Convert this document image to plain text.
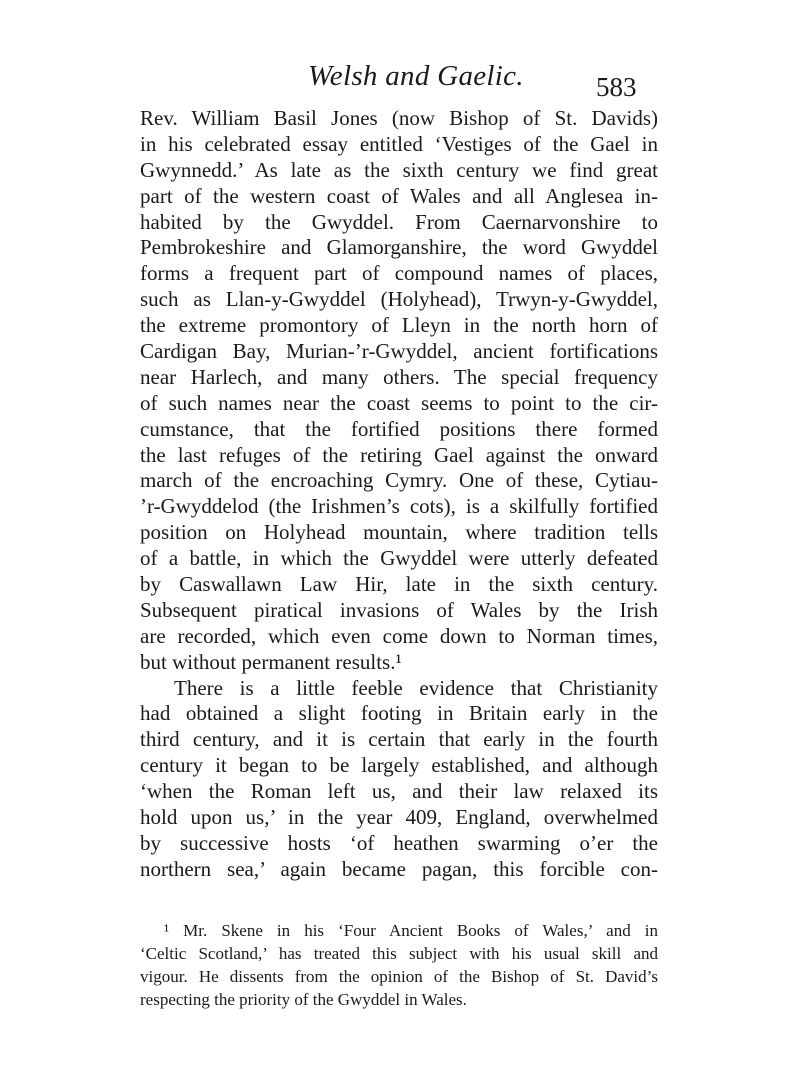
Welsh and Gaelic.	583
Rev. William Basil Jones (now Bishop of St. Davids)
in his celebrated essay entitled ‘Vestiges of the Gael in
Gwynnedd.’ As late as the sixth century we find great
part of the western coast of Wales and all Anglesea in-
habited by the Gwyddel. From Caernarvonshire to
Pembrokeshire and Glamorganshire, the word Gwyddel
forms a frequent part of compound names of places,
such as Llan-y-Gwyddel (Holyhead), Trwyn-y-Gwyddel,
the extreme promontory of Lleyn in the north horn of
Cardigan Bay, Murian-’r-Gwyddel, ancient fortifications
near Harlech, and many others. The special frequency
of such names near the coast seems to point to the cir-
cumstance, that the fortified positions there formed
the last refuges of the retiring Gael against the onward
march of the encroaching Cymry. One of these, Cytiau-
’r-Gwyddelod (the Irishmen’s cots), is a skilfully fortified
position on Holyhead mountain, where tradition tells
of a battle, in which the Gwyddel were utterly defeated
by Caswallawn Law Hir, late in the sixth century.
Subsequent piratical invasions of Wales by the Irish
are recorded, which even come down to Norman times,
but without permanent results.¹
There is a little feeble evidence that Christianity
had obtained a slight footing in Britain early in the
third century, and it is certain that early in the fourth
century it began to be largely established, and although
‘when the Roman left us, and their law relaxed its
hold upon us,’ in the year 409, England, overwhelmed
by successive hosts ‘of heathen swarming o’er the
northern sea,’ again became pagan, this forcible con-
¹ Mr. Skene in his ‘Four Ancient Books of Wales,’ and in
‘Celtic Scotland,’ has treated this subject with his usual skill and
vigour. He dissents from the opinion of the Bishop of St. David’s
respecting the priority of the Gwyddel in Wales.
